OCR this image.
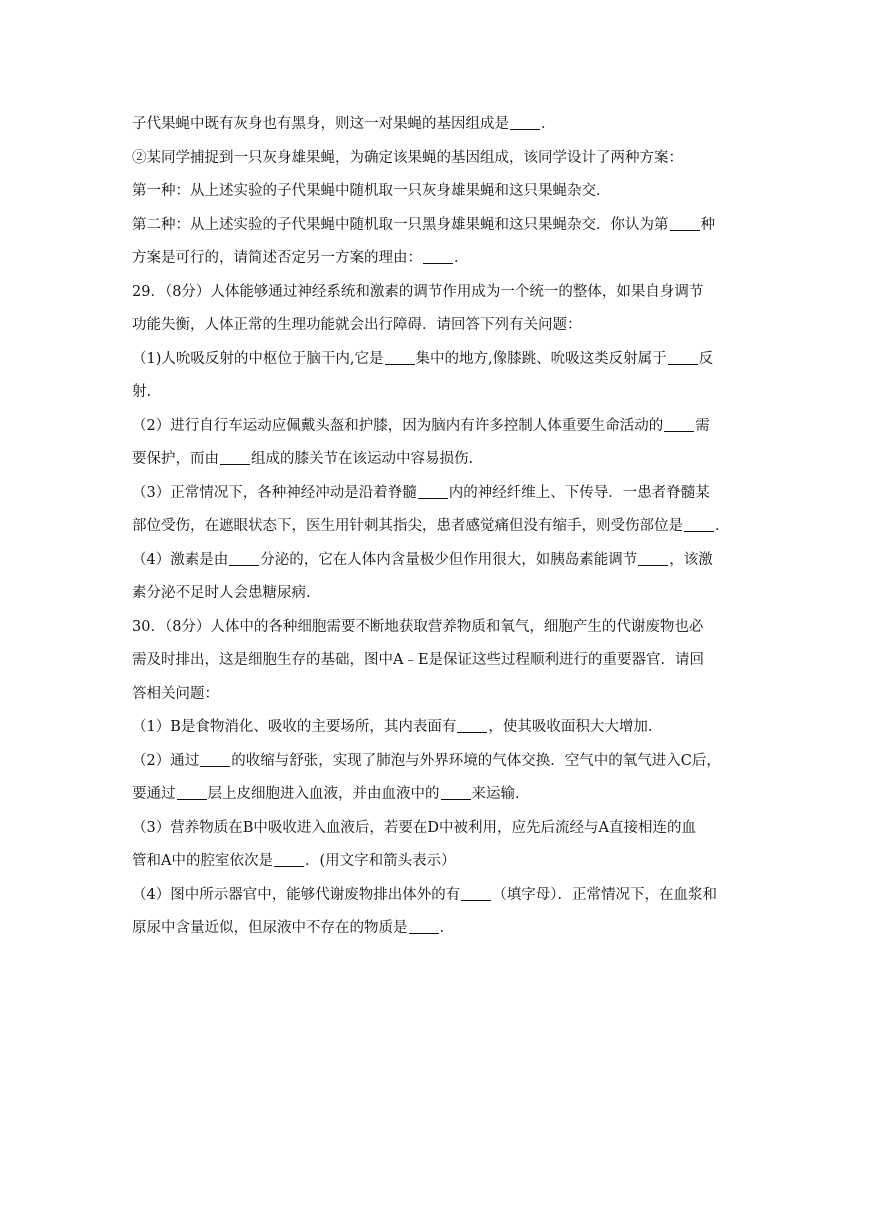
子代果蝇中既有灰身也有黑身，则这一对果蝇的基因组成是 ．
②某同学捕捉到一只灰身雄果蝇，为确定该果蝇的基因组成，该同学设计了两种方案：
第一种：从上述实验的子代果蝇中随机取一只灰身雄果蝇和这只果蝇杂交．
第二种：从上述实验的子代果蝇中随机取一只黑身雄果蝇和这只果蝇杂交．你认为第 种
方案是可行的，请简述否定另一方案的理由： ．
29．（8分）人体能够通过神经系统和激素的调节作用成为一个统一的整体，如果自身调节
功能失衡，人体正常的生理功能就会出行障碍．请回答下列有关问题：
（1)人吮吸反射的中枢位于脑干内,它是 集中的地方,像膝跳、吮吸这类反射属于 反
射.
（2）进行自行车运动应佩戴头盔和护膝，因为脑内有许多控制人体重要生命活动的 需
要保护，而由 组成的膝关节在该运动中容易损伤.
（3）正常情况下，各种神经冲动是沿着脊髓 内的神经纤维上、下传导．一患者脊髓某
部位受伤，在遮眼状态下，医生用针刺其指尖，患者感觉痛但没有缩手，则受伤部位是 ．
（4）激素是由 分泌的，它在人体内含量极少但作用很大，如胰岛素能调节 ，该激
素分泌不足时人会患糖尿病.
30．（8分）人体中的各种细胞需要不断地获取营养物质和氧气，细胞产生的代谢废物也必
需及时排出，这是细胞生存的基础，图中A﹣E是保证这些过程顺利进行的重要器官．请回
答相关问题：
（1）B是食物消化、吸收的主要场所，其内表面有 ，使其吸收面积大大增加.
（2）通过 的收缩与舒张，实现了肺泡与外界环境的气体交换．空气中的氧气进入C后，
要通过 层上皮细胞进入血液，并由血液中的 来运输.
（3）营养物质在B中吸收进入血液后，若要在D中被利用，应先后流经与A直接相连的血
管和A中的腔室依次是 ．(用文字和箭头表示）
（4）图中所示器官中，能够代谢废物排出体外的有 （填字母）．正常情况下，在血浆和
原尿中含量近似，但尿液中不存在的物质是 ．
